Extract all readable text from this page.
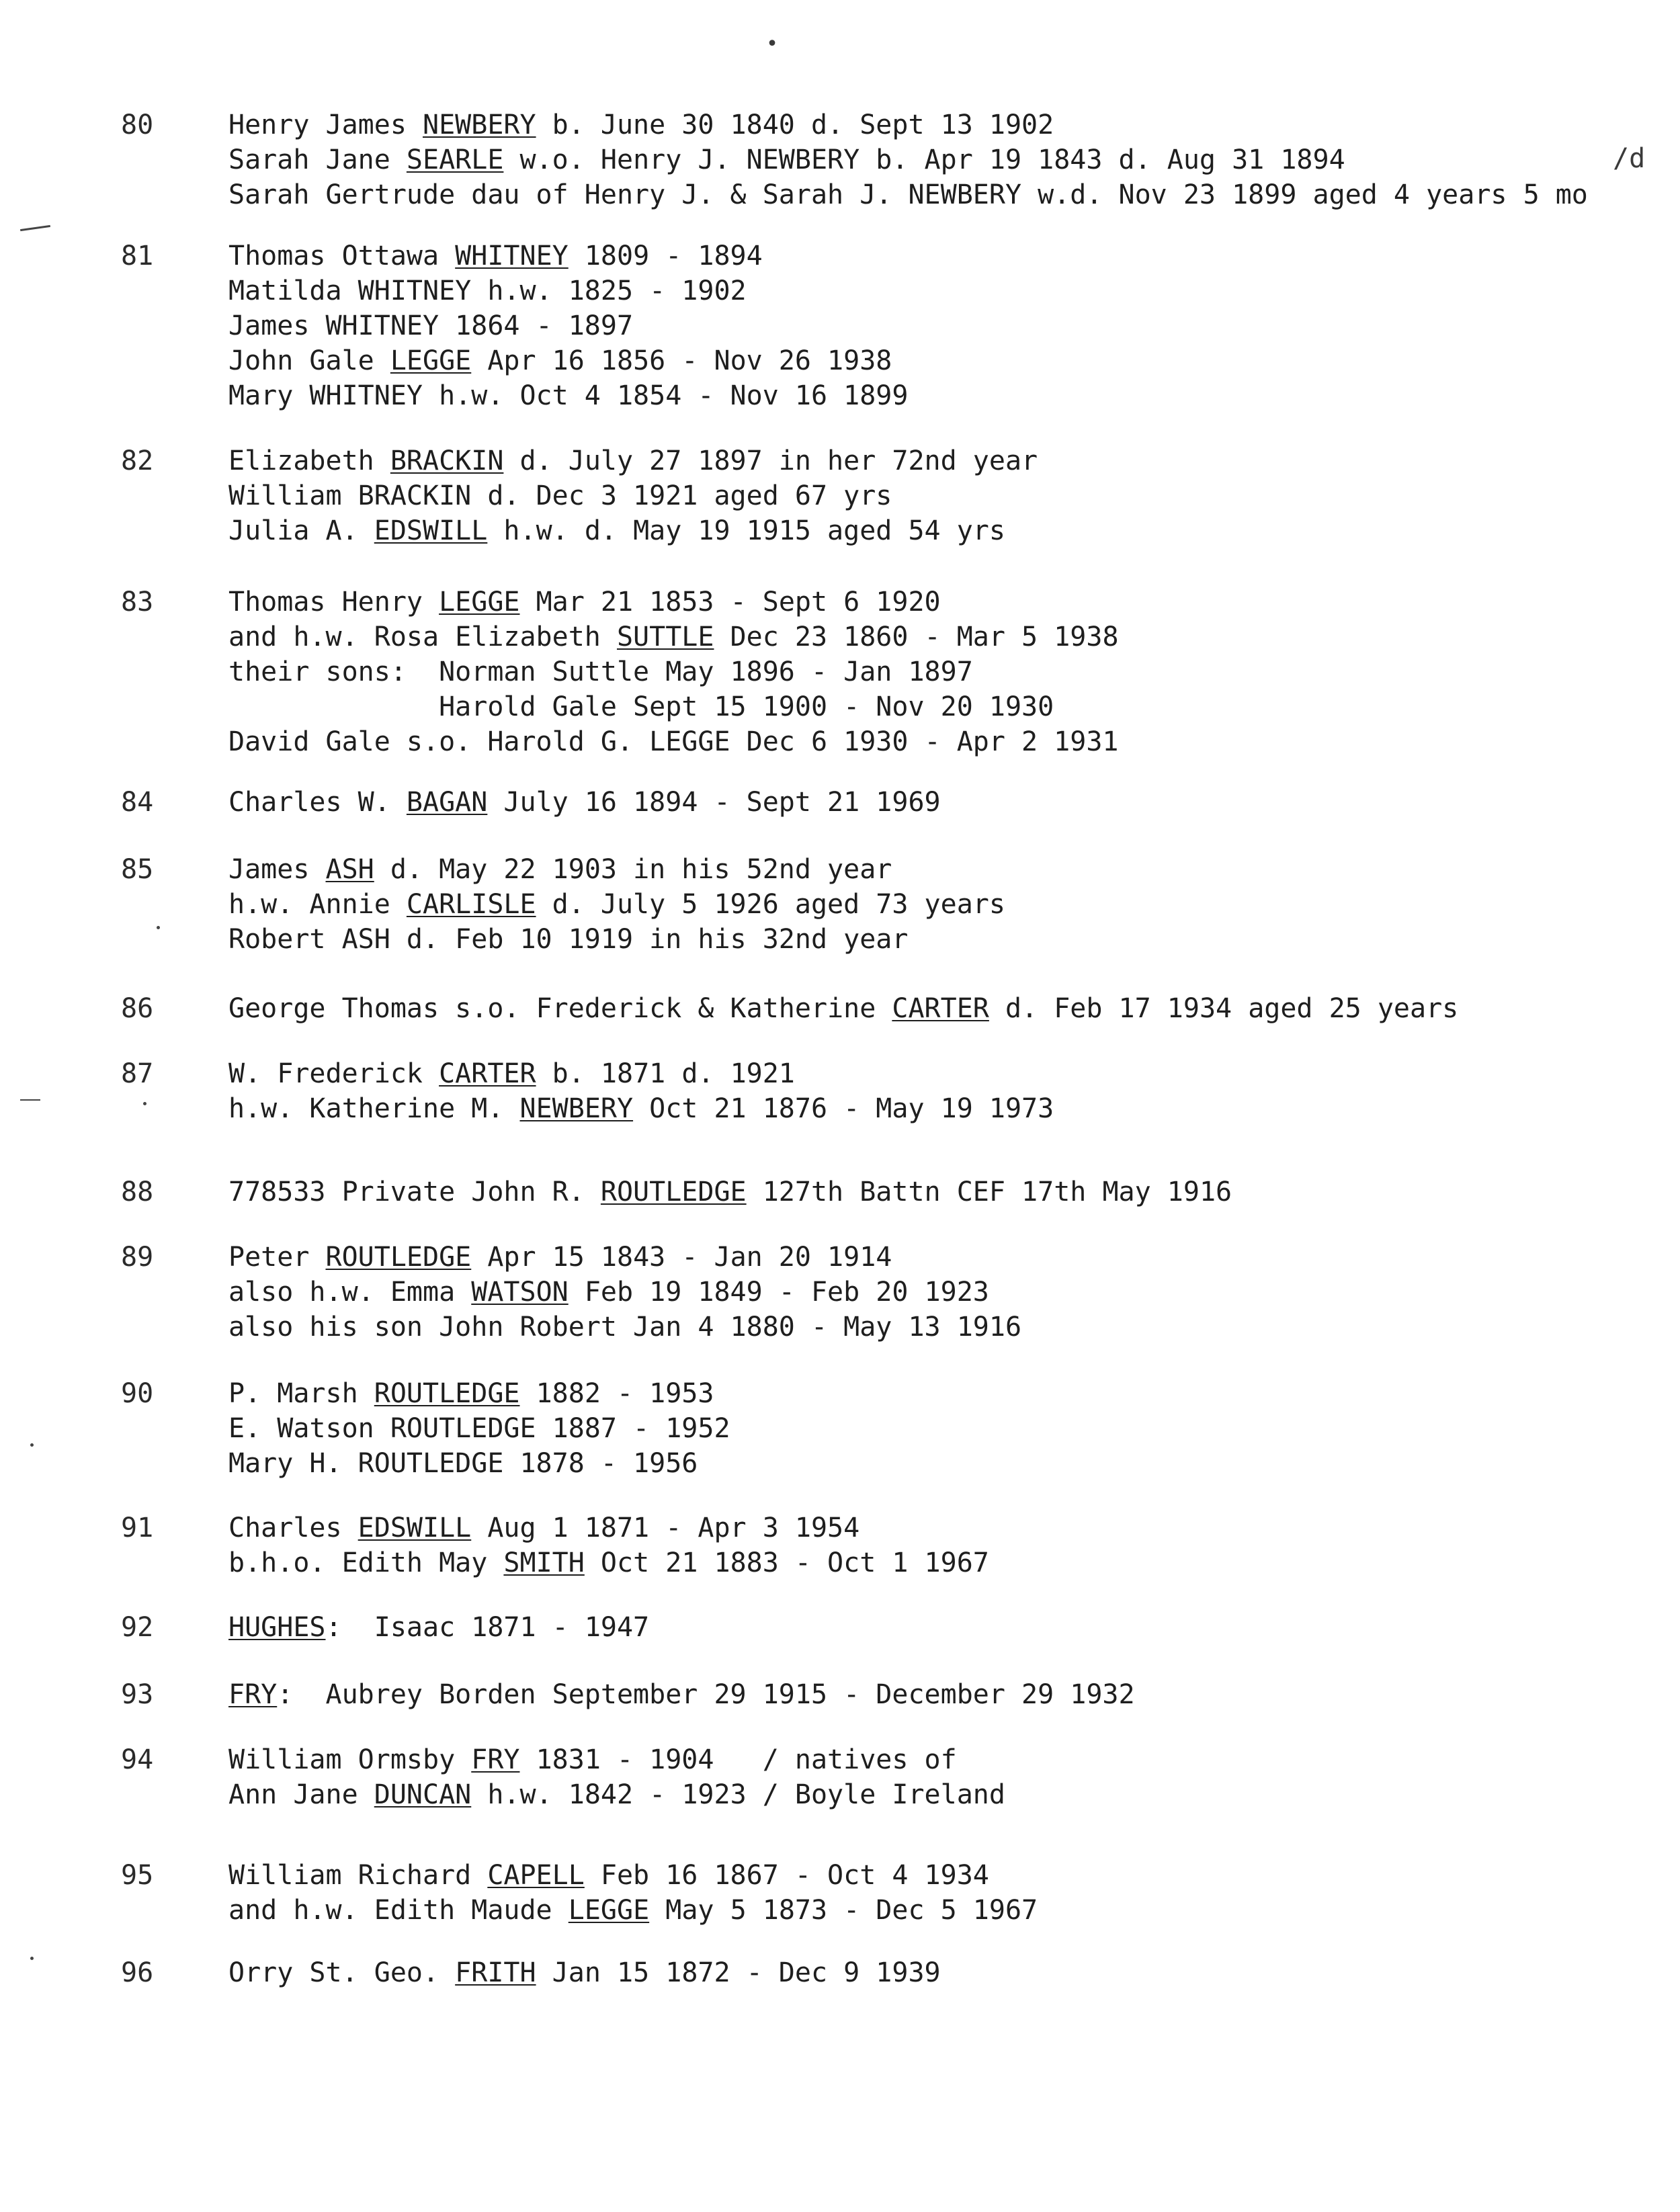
•
/d
80	Henry James NEWBERY b. June 30 1840 d. Sept 13 1902
Sarah Jane SEARLE w.o. Henry J. NEWBERY b. Apr 19 1843 d. Aug 31 1894
Sarah Gertrude dau of Henry J. & Sarah J. NEWBERY w.d. Nov 23 1899 aged 4 years 5 mo
81	Thomas Ottawa WHITNEY 1809 - 1894
Matilda WHITNEY h.w. 1825 - 1902
James WHITNEY 1864 - 1897
John Gale LEGGE Apr 16 1856 - Nov 26 1938
Mary WHITNEY h.w. Oct 4 1854 - Nov 16 1899
82	Elizabeth BRACKIN d. July 27 1897 in her 72nd year
William BRACKIN d. Dec 3 1921 aged 67 yrs
Julia A. EDSWILL h.w. d. May 19 1915 aged 54 yrs
83	Thomas Henry LEGGE Mar 21 1853 - Sept 6 1920
and h.w. Rosa Elizabeth SUTTLE Dec 23 1860 - Mar 5 1938
their sons:  Norman Suttle May 1896 - Jan 1897
Harold Gale Sept 15 1900 - Nov 20 1930
David Gale s.o. Harold G. LEGGE Dec 6 1930 - Apr 2 1931
84	Charles W. BAGAN July 16 1894 - Sept 21 1969
85	James ASH d. May 22 1903 in his 52nd year
h.w. Annie CARLISLE d. July 5 1926 aged 73 years
Robert ASH d. Feb 10 1919 in his 32nd year
86	George Thomas s.o. Frederick & Katherine CARTER d. Feb 17 1934 aged 25 years
87	W. Frederick CARTER b. 1871 d. 1921
h.w. Katherine M. NEWBERY Oct 21 1876 - May 19 1973
88	778533 Private John R. ROUTLEDGE 127th Battn CEF 17th May 1916
89	Peter ROUTLEDGE Apr 15 1843 - Jan 20 1914
also h.w. Emma WATSON Feb 19 1849 - Feb 20 1923
also his son John Robert Jan 4 1880 - May 13 1916
90	P. Marsh ROUTLEDGE 1882 - 1953
E. Watson ROUTLEDGE 1887 - 1952
Mary H. ROUTLEDGE 1878 - 1956
91	Charles EDSWILL Aug 1 1871 - Apr 3 1954
b.h.o. Edith May SMITH Oct 21 1883 - Oct 1 1967
92	HUGHES:  Isaac 1871 - 1947
93	FRY:  Aubrey Borden September 29 1915 - December 29 1932
94	William Ormsby FRY 1831 - 1904   / natives of
Ann Jane DUNCAN h.w. 1842 - 1923 / Boyle Ireland
95	William Richard CAPELL Feb 16 1867 - Oct 4 1934
and h.w. Edith Maude LEGGE May 5 1873 - Dec 5 1967
96	Orry St. Geo. FRITH Jan 15 1872 - Dec 9 1939
